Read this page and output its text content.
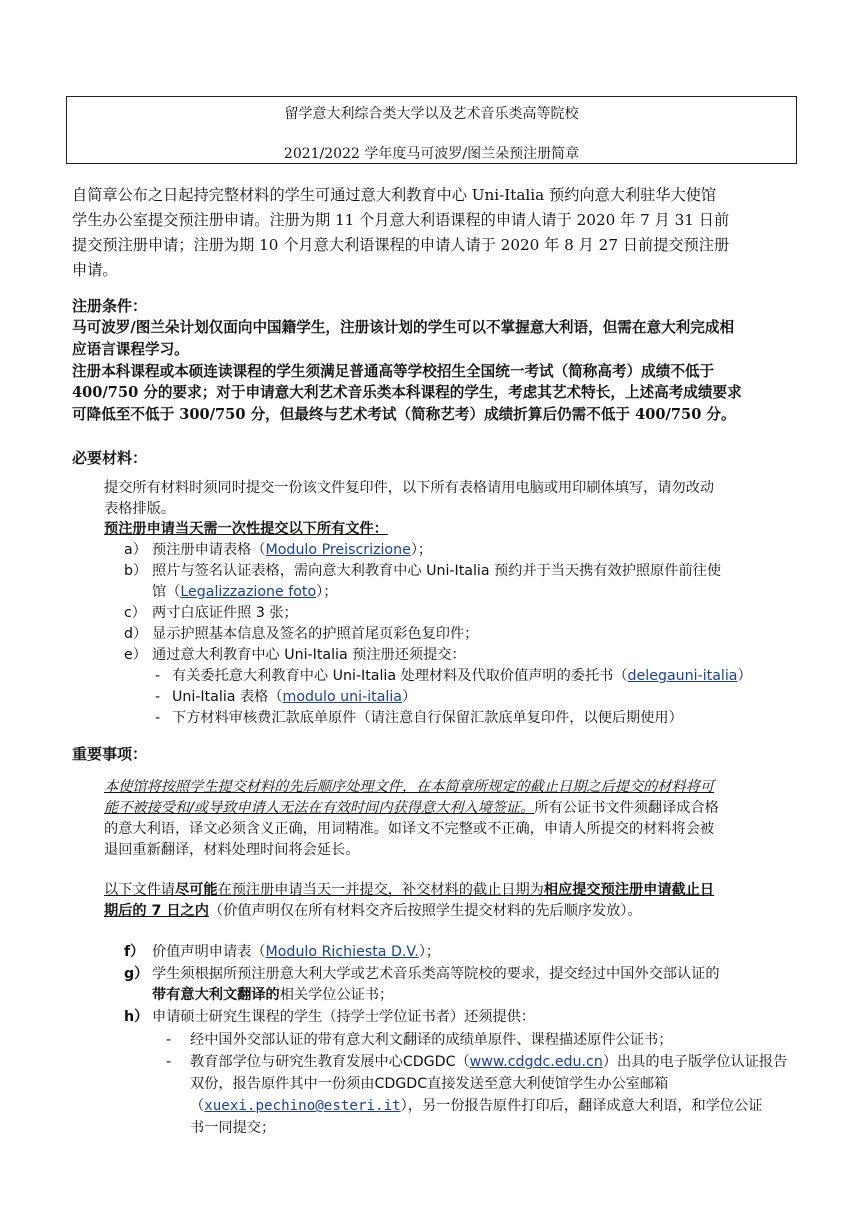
留学意大利综合类大学以及艺术音乐类高等院校
2021/2022 学年度马可波罗/图兰朵预注册简章
自简章公布之日起持完整材料的学生可通过意大利教育中心 Uni-Italia 预约向意大利驻华大使馆
学生办公室提交预注册申请。注册为期 11 个月意大利语课程的申请人请于 2020 年 7 月 31 日前
提交预注册申请；注册为期 10 个月意大利语课程的申请人请于 2020 年 8 月 27 日前提交预注册
申请。
注册条件：
马可波罗/图兰朵计划仅面向中国籍学生，注册该计划的学生可以不掌握意大利语，但需在意大利完成相
应语言课程学习。
注册本科课程或本硕连读课程的学生须满足普通高等学校招生全国统一考试（简称高考）成绩不低于
400/750 分的要求；对于申请意大利艺术音乐类本科课程的学生，考虑其艺术特长，上述高考成绩要求
可降低至不低于 300/750 分，但最终与艺术考试（简称艺考）成绩折算后仍需不低于 400/750 分。
必要材料：
提交所有材料时须同时提交一份该文件复印件，以下所有表格请用电脑或用印刷体填写，请勿改动
表格排版。
预注册申请当天需一次性提交以下所有文件：
a） 预注册申请表格（Modulo Preiscrizione）；
b） 照片与签名认证表格，需向意大利教育中心 Uni-Italia 预约并于当天携有效护照原件前往使
馆（Legalizzazione foto）；
c） 两寸白底证件照 3 张；
d） 显示护照基本信息及签名的护照首尾页彩色复印件；
e） 通过意大利教育中心 Uni-Italia 预注册还须提交：
- 有关委托意大利教育中心 Uni-Italia 处理材料及代取价值声明的委托书（delegauni-italia）
- Uni-Italia 表格（modulo uni-italia）
- 下方材料审核费汇款底单原件（请注意自行保留汇款底单复印件，以便后期使用）
重要事项：
本使馆将按照学生提交材料的先后顺序处理文件，在本简章所规定的截止日期之后提交的材料将可
能不被接受和/或导致申请人无法在有效时间内获得意大利入境签证。所有公证书文件须翻译成合格
的意大利语，译文必须含义正确，用词精准。如译文不完整或不正确，申请人所提交的材料将会被
退回重新翻译，材料处理时间将会延长。
以下文件请尽可能在预注册申请当天一并提交，补交材料的截止日期为相应提交预注册申请截止日
期后的 7 日之内（价值声明仅在所有材料交齐后按照学生提交材料的先后顺序发放）。
f） 价值声明申请表（Modulo Richiesta D.V.）；
g） 学生须根据所预注册意大利大学或艺术音乐类高等院校的要求，提交经过中国外交部认证的
带有意大利文翻译的相关学位公证书；
h） 申请硕士研究生课程的学生（持学士学位证书者）还须提供：
- 经中国外交部认证的带有意大利文翻译的成绩单原件、课程描述原件公证书；
- 教育部学位与研究生教育发展中心CDGDC（www.cdgdc.edu.cn）出具的电子版学位认证报告
双份，报告原件其中一份须由CDGDC直接发送至意大利使馆学生办公室邮箱
（xuexi.pechino@esteri.it），另一份报告原件打印后，翻译成意大利语，和学位公证
书一同提交；
